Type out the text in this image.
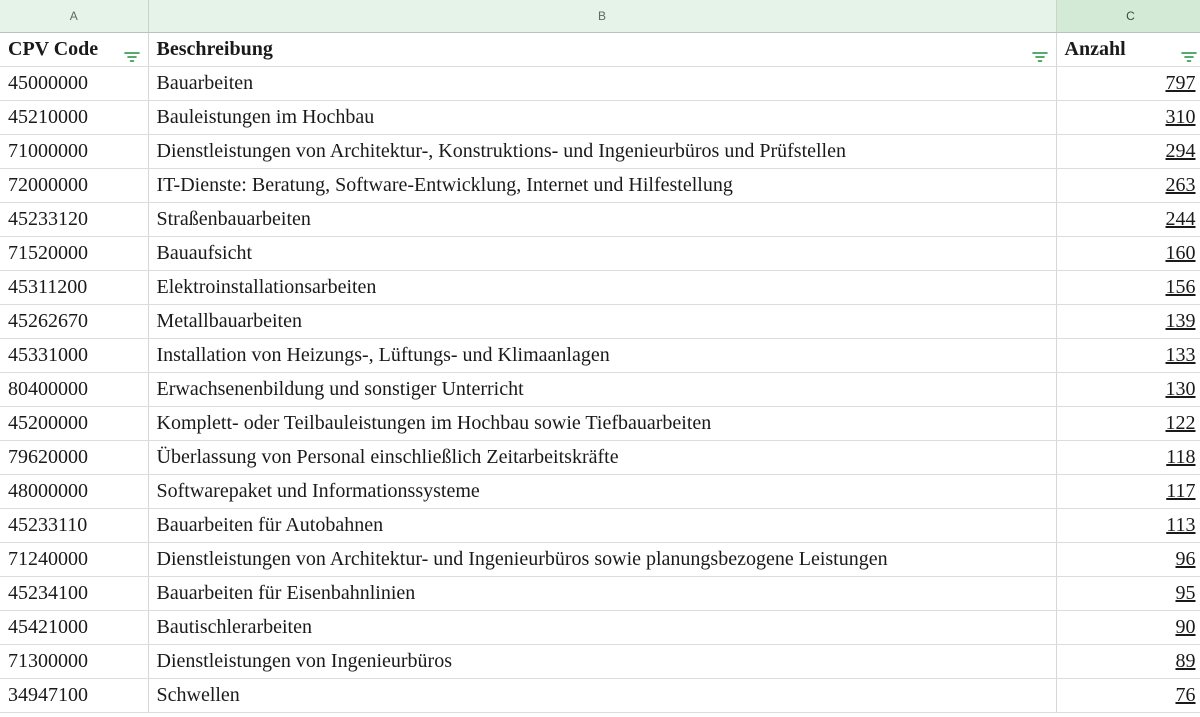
A	B	C

CPV Code	Beschreibung	Anzahl

45000000	Bauarbeiten	797
45210000	Bauleistungen im Hochbau	310
71000000	Dienstleistungen von Architektur-, Konstruktions- und Ingenieurbüros und Prüfstellen	294
72000000	IT-Dienste: Beratung, Software-Entwicklung, Internet und Hilfestellung	263
45233120	Straßenbauarbeiten	244
71520000	Bauaufsicht	160
45311200	Elektroinstallationsarbeiten	156
45262670	Metallbauarbeiten	139
45331000	Installation von Heizungs-, Lüftungs- und Klimaanlagen	133
80400000	Erwachsenenbildung und sonstiger Unterricht	130
45200000	Komplett- oder Teilbauleistungen im Hochbau sowie Tiefbauarbeiten	122
79620000	Überlassung von Personal einschließlich Zeitarbeitskräfte	118
48000000	Softwarepaket und Informationssysteme	117
45233110	Bauarbeiten für Autobahnen	113
71240000	Dienstleistungen von Architektur- und Ingenieurbüros sowie planungsbezogene Leistungen	96
45234100	Bauarbeiten für Eisenbahnlinien	95
45421000	Bautischlerarbeiten	90
71300000	Dienstleistungen von Ingenieurbüros	89
34947100	Schwellen	76
